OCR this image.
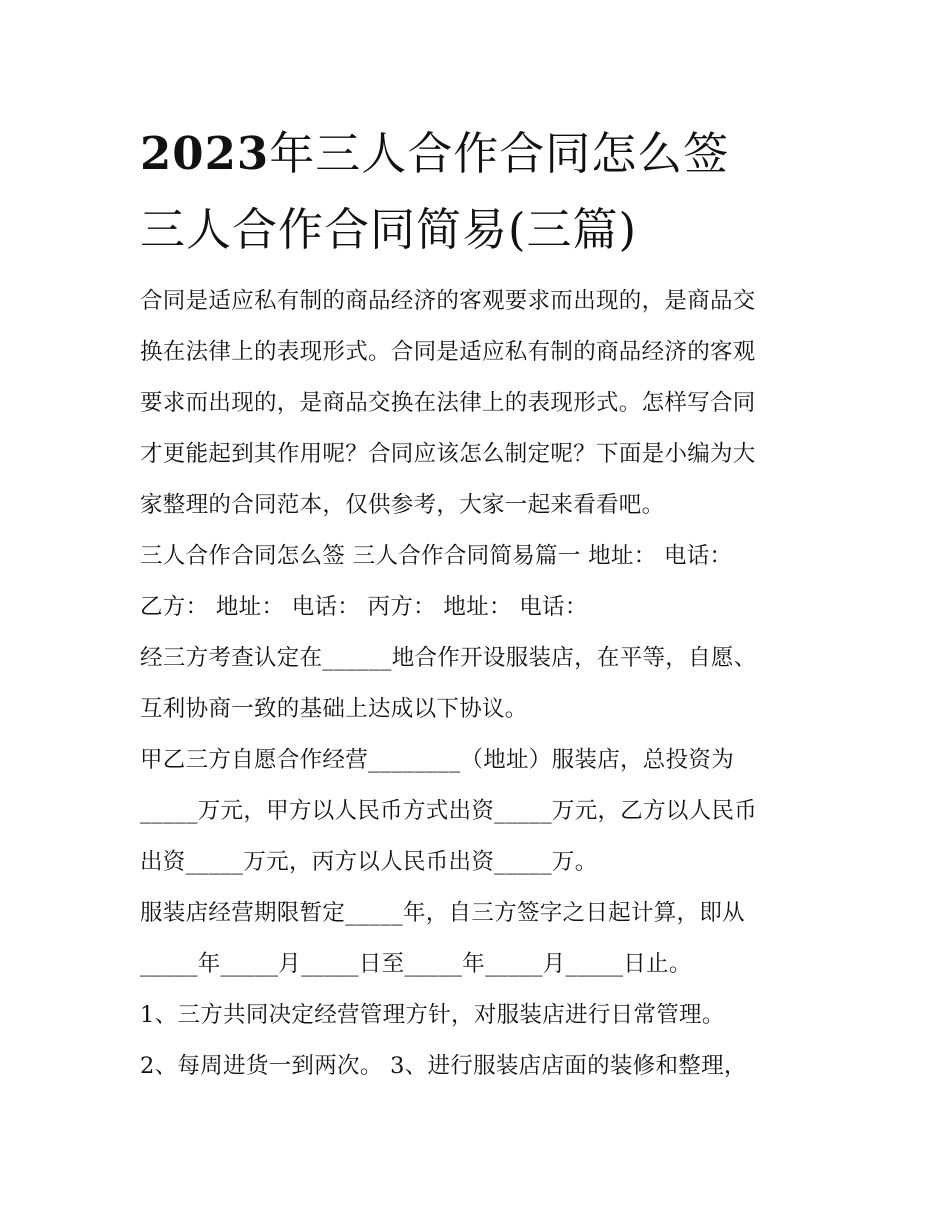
2023年三人合作合同怎么签
三人合作合同简易(三篇)

合同是适应私有制的商品经济的客观要求而出现的，是商品交

换在法律上的表现形式。合同是适应私有制的商品经济的客观

要求而出现的，是商品交换在法律上的表现形式。怎样写合同

才更能起到其作用呢？合同应该怎么制定呢？下面是小编为大

家整理的合同范本，仅供参考，大家一起来看看吧。

三人合作合同怎么签 三人合作合同简易篇一 地址： 电话：

乙方： 地址： 电话： 丙方： 地址： 电话：

经三方考查认定在______地合作开设服装店，在平等，自愿、

互利协商一致的基础上达成以下协议。

甲乙三方自愿合作经营________（地址）服装店，总投资为

_____万元，甲方以人民币方式出资_____万元，乙方以人民币

出资_____万元，丙方以人民币出资_____万。

服装店经营期限暂定_____年，自三方签字之日起计算，即从

_____年_____月_____日至_____年_____月_____日止。

1、三方共同决定经营管理方针，对服装店进行日常管理。

2、每周进货一到两次。 3、进行服装店店面的装修和整理，
